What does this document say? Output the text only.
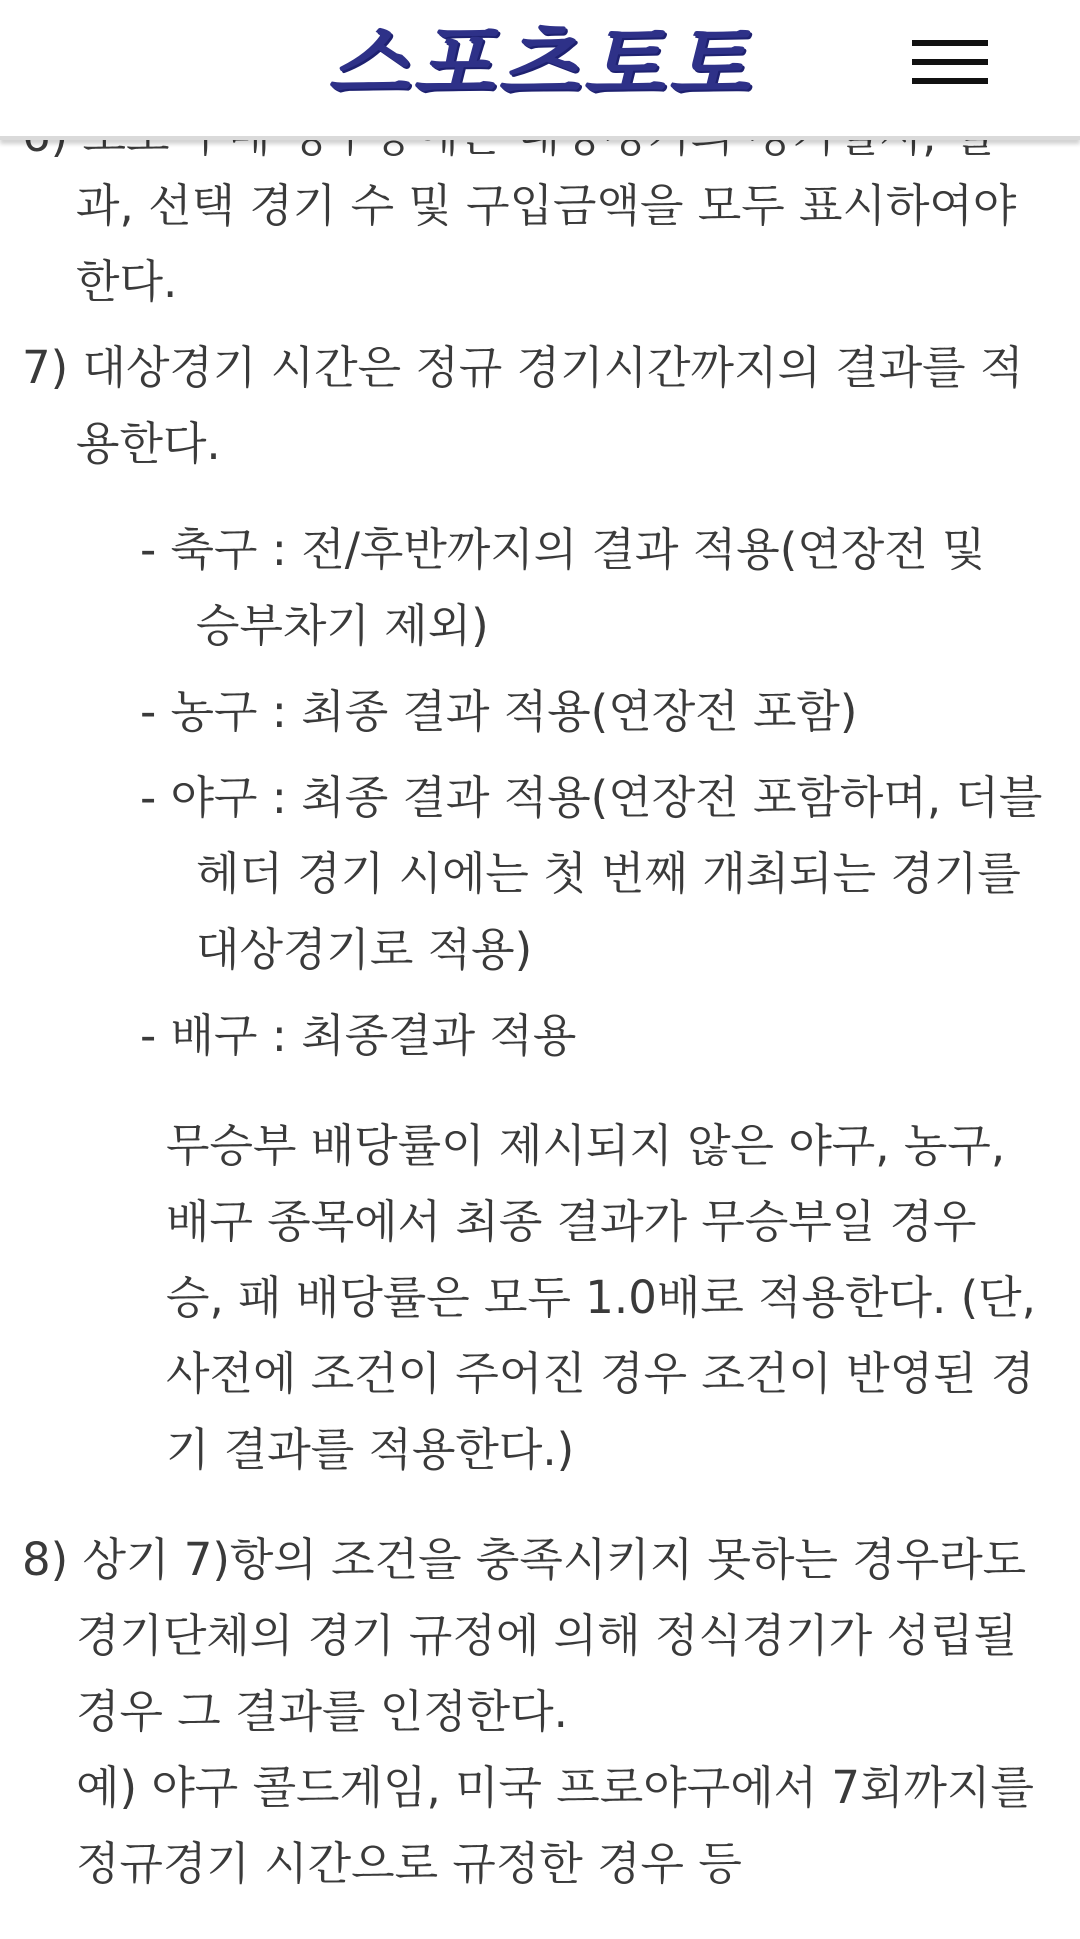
스포츠토토
과, 선택 경기 수 및 구입금액을 모두 표시하여야
한다.
7) 대상경기 시간은 정규 경기시간까지의 결과를 적
용한다.
- 축구 : 전/후반까지의 결과 적용(연장전 및
승부차기 제외)
- 농구 : 최종 결과 적용(연장전 포함)
- 야구 : 최종 결과 적용(연장전 포함하며, 더블
헤더 경기 시에는 첫 번째 개최되는 경기를
대상경기로 적용)
- 배구 : 최종결과 적용
무승부 배당률이 제시되지 않은 야구, 농구,
배구 종목에서 최종 결과가 무승부일 경우
승, 패 배당률은 모두 1.0배로 적용한다. (단,
사전에 조건이 주어진 경우 조건이 반영된 경
기 결과를 적용한다.)
8) 상기 7)항의 조건을 충족시키지 못하는 경우라도
경기단체의 경기 규정에 의해 정식경기가 성립될
경우 그 결과를 인정한다.
예) 야구 콜드게임, 미국 프로야구에서 7회까지를
정규경기 시간으로 규정한 경우 등
